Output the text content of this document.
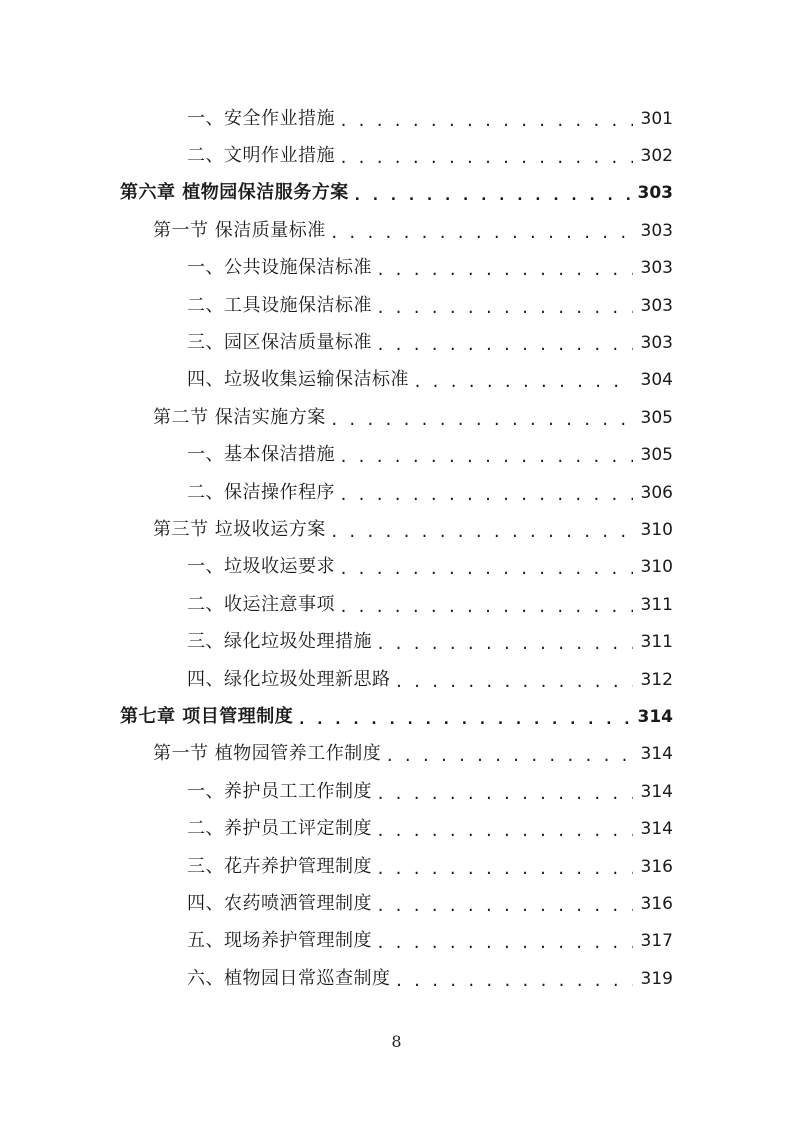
一、安全作业措施 . . .	301
二、文明作业措施 . . .	302
第六章 植物园保洁服务方案 . . .	303
第一节 保洁质量标准 . . .	303
一、公共设施保洁标准 . . .	303
二、工具设施保洁标准 . . .	303
三、园区保洁质量标准 . . .	303
四、垃圾收集运输保洁标准 . . .	304
第二节 保洁实施方案 . . .	305
一、基本保洁措施 . . .	305
二、保洁操作程序 . . .	306
第三节 垃圾收运方案 . . .	310
一、垃圾收运要求 . . .	310
二、收运注意事项 . . .	311
三、绿化垃圾处理措施 . . .	311
四、绿化垃圾处理新思路 . . .	312
第七章 项目管理制度 . . .	314
第一节 植物园管养工作制度 . . .	314
一、养护员工工作制度 . . .	314
二、养护员工评定制度 . . .	314
三、花卉养护管理制度 . . .	316
四、农药喷洒管理制度 . . .	316
五、现场养护管理制度 . . .	317
六、植物园日常巡查制度 . . .	319
8
